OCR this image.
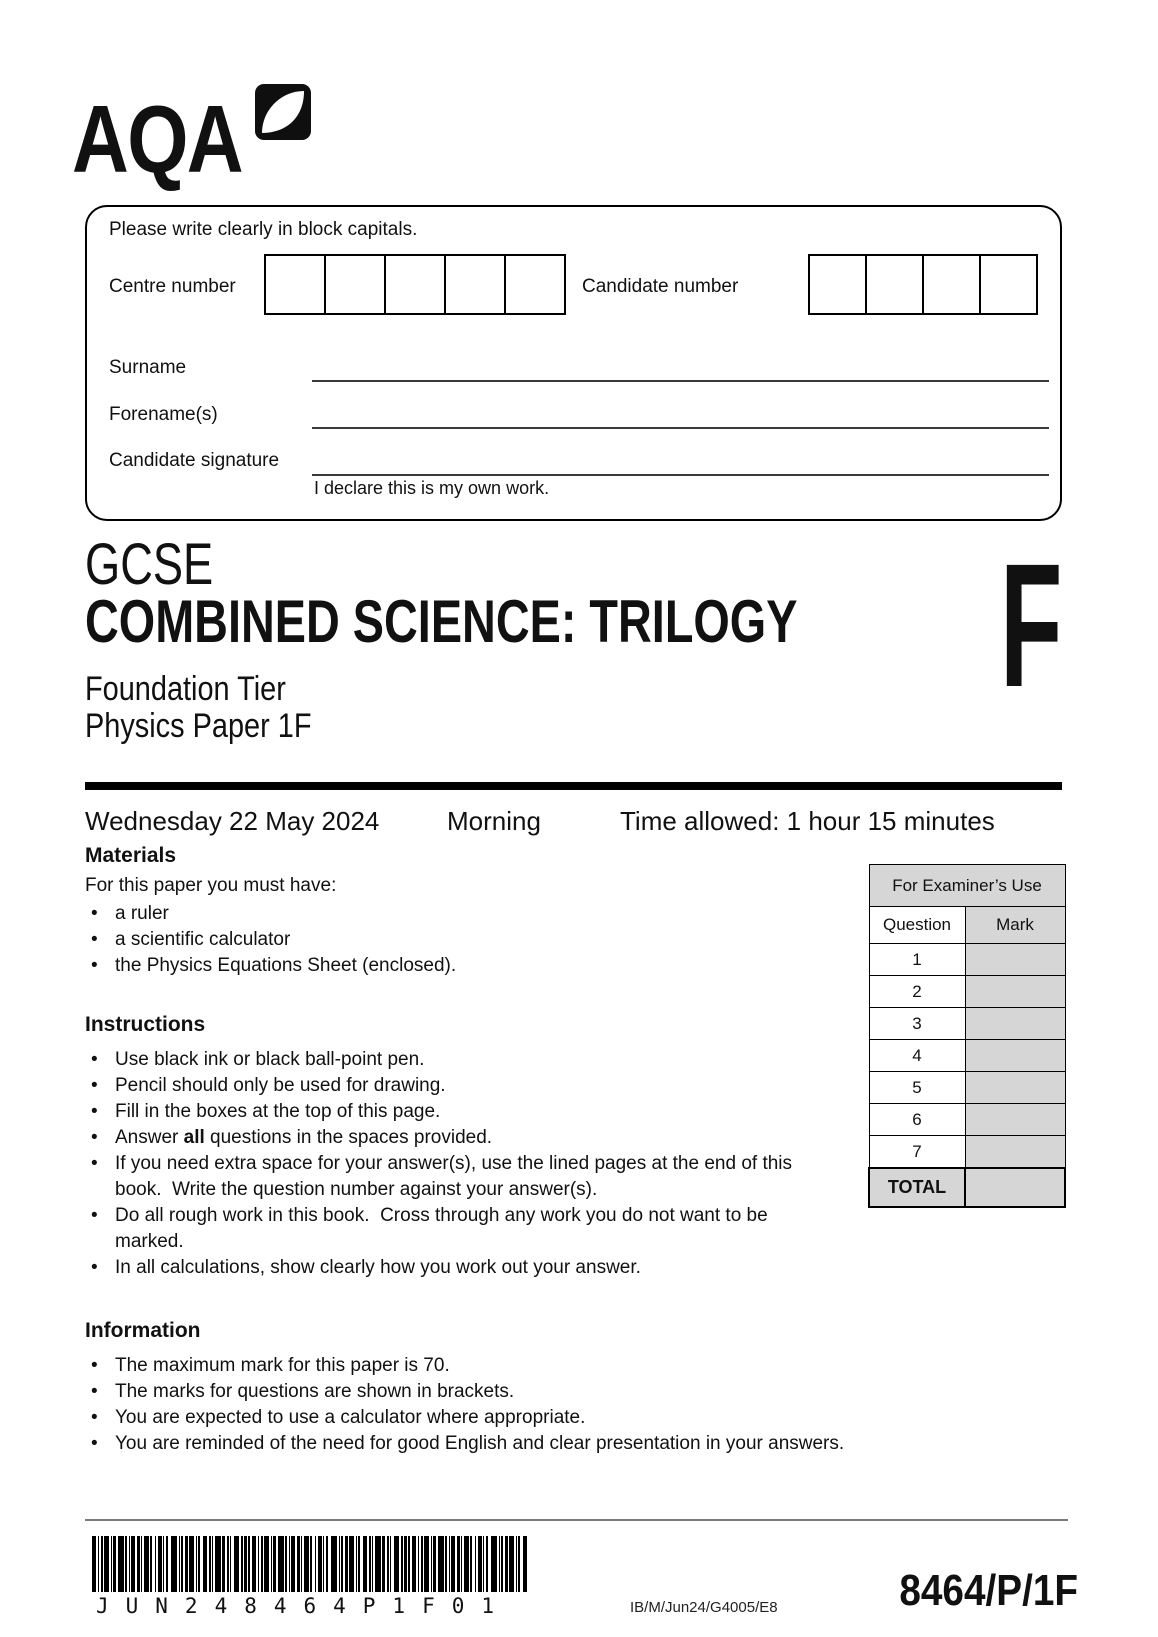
AQA
Please write clearly in block capitals.
Centre number	Candidate number
Surname
Forename(s)
Candidate signature
I declare this is my own work.
GCSE
COMBINED SCIENCE: TRILOGY F
Foundation Tier
Physics Paper 1F
Wednesday 22 May 2024	Morning	Time allowed: 1 hour 15 minutes
Materials
For this paper you must have:
• a ruler
• a scientific calculator
• the Physics Equations Sheet (enclosed).
For Examiner’s Use	
Question	Mark
1	
2	
3	
4	
5	
6	
7	
TOTAL	
Instructions
• Use black ink or black ball-point pen.
• Pencil should only be used for drawing.
• Fill in the boxes at the top of this page.
• Answer all questions in the spaces provided.
• If you need extra space for your answer(s), use the lined pages at the end of this book.  Write the question number against your answer(s).
• Do all rough work in this book.  Cross through any work you do not want to be marked.
• In all calculations, show clearly how you work out your answer.
Information
• The maximum mark for this paper is 70.
• The marks for questions are shown in brackets.
• You are expected to use a calculator where appropriate.
• You are reminded of the need for good English and clear presentation in your answers.
JUN248464P1F01	IB/M/Jun24/G4005/E8	8464/P/1F
